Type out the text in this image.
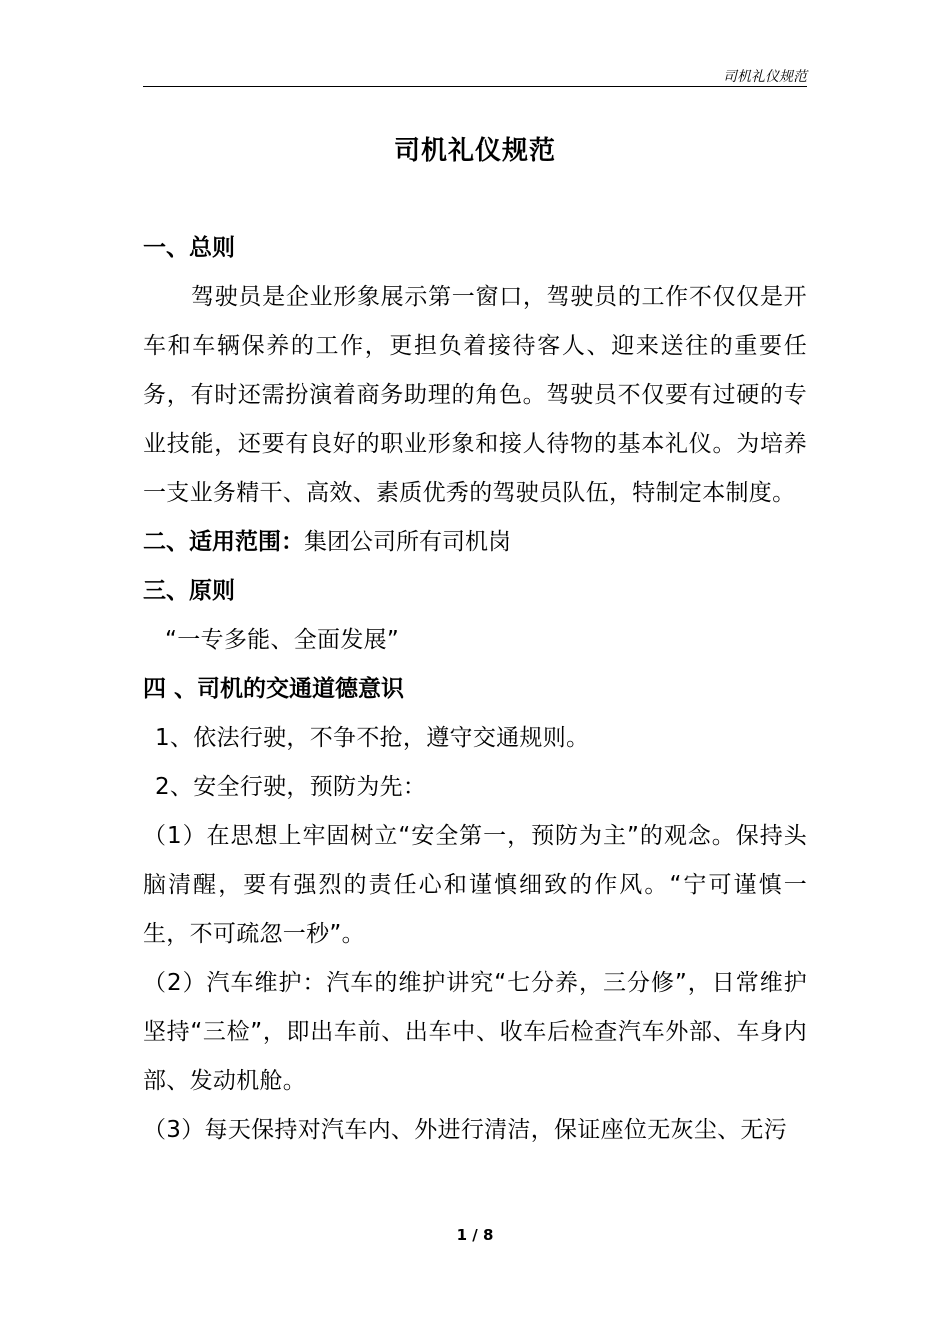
司机礼仪规范
司机礼仪规范
一、总则
驾驶员是企业形象展示第一窗口，驾驶员的工作不仅仅是开车和车辆保养的工作，更担负着接待客人、迎来送往的重要任务，有时还需扮演着商务助理的角色。驾驶员不仅要有过硬的专业技能，还要有良好的职业形象和接人待物的基本礼仪。为培养一支业务精干、高效、素质优秀的驾驶员队伍，特制定本制度。
二、适用范围：集团公司所有司机岗
三、原则
“一专多能、全面发展”
四 、司机的交通道德意识
1、依法行驶，不争不抢，遵守交通规则。
2、安全行驶，预防为先：
（1）在思想上牢固树立“安全第一，预防为主”的观念。保持头脑清醒，要有强烈的责任心和谨慎细致的作风。“宁可谨慎一生，不可疏忽一秒”。
（2）汽车维护：汽车的维护讲究“七分养，三分修”，日常维护坚持“三检”，即出车前、出车中、收车后检查汽车外部、车身内部、发动机舱。
（3）每天保持对汽车内、外进行清洁，保证座位无灰尘、无污
1 / 8
